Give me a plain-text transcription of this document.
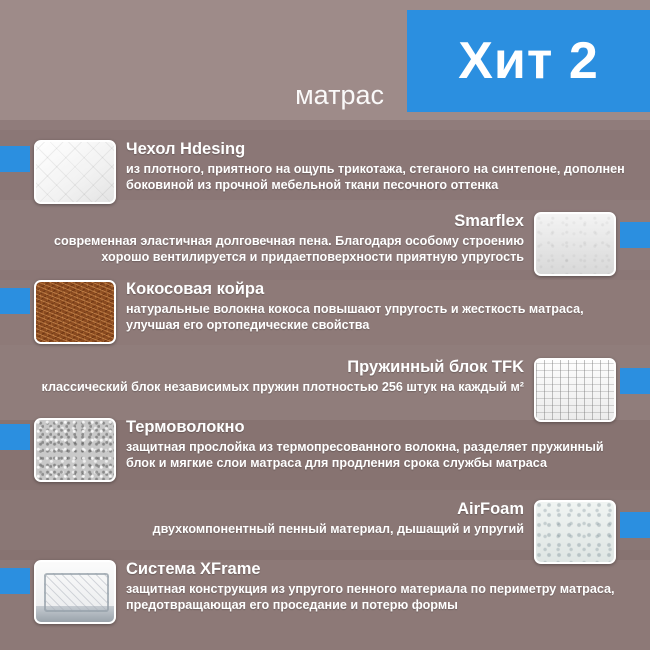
Хит 2
матрас

Чехол Hdesing

из плотного, приятного на ощупь трикотажа, стеганого на синтепоне, дополнен боковиной из прочной мебельной ткани песочного оттенка

Smarflex

современная эластичная долговечная пена. Благодаря особому строению хорошо вентилируется и придаетповерхности приятную упругость

Кокосовая койра

натуральные волокна кокоса повышают упругость и жесткость матраса, улучшая его ортопедические свойства

Пружинный блок TFK

классический блок независимых пружин плотностью 256 штук на каждый м²

Термоволокно

защитная прослойка из термопресованного волокна, разделяет пружинный блок и мягкие слои матраса для продления срока службы матраса

AirFoam

двухкомпонентный пенный материал, дышащий и упругий

Система XFrame

защитная конструкция из упругого пенного материала по периметру матраса, предотвращающая его проседание и потерю формы
